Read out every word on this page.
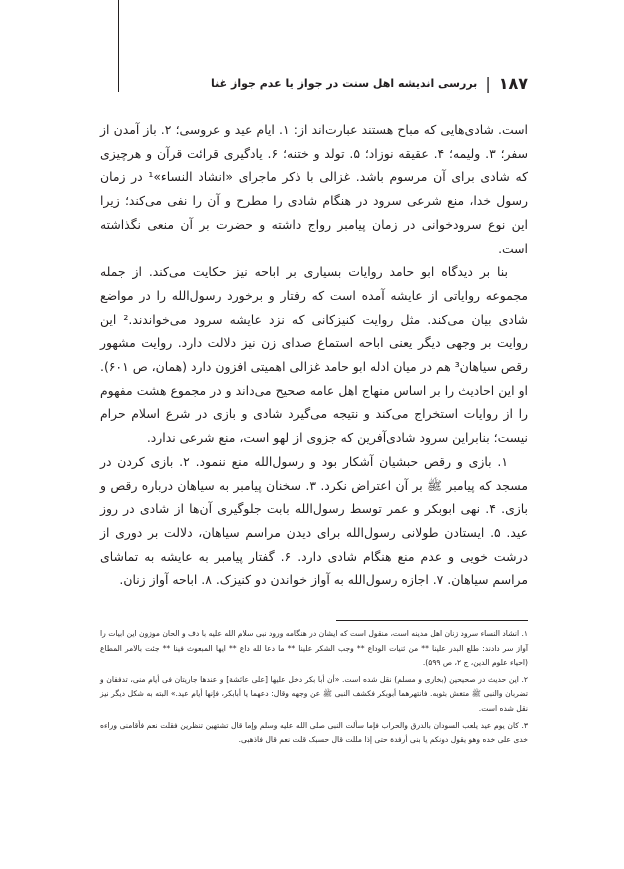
۱۸۷
|
بررسی اندیشه اهل سنت در جواز یا عدم جواز غنا

است. شادی‌هایی که مباح هستند عبارت‌اند از: ۱. ایام عید و عروسی؛ ۲. باز آمدن از سفر؛ ۳. ولیمه؛ ۴. عقیقه نوزاد؛ ۵. تولد و ختنه؛ ۶. یادگیری قرائت قرآن و هرچیزی که شادی برای آن مرسوم باشد. غزالی با ذکر ماجرای «انشاد النساء»¹ در زمان رسول خدا، منع شرعی سرود در هنگام شادی را مطرح و آن را نفی می‌کند؛ زیرا این نوع سرودخوانی در زمان پیامبر رواج داشته و حضرت بر آن منعی نگذاشته است.

بنا بر دیدگاه ابو حامد روایات بسیاری بر اباحه نیز حکایت می‌کند. از جمله مجموعه روایاتی از عایشه آمده است که رفتار و برخورد رسول‌الله را در مواضع شادی بیان می‌کند. مثل روایت کنیزکانی که نزد عایشه سرود می‌خواندند.² این روایت بر وجهی دیگر یعنی اباحه استماع صدای زن نیز دلالت دارد. روایت مشهور رقص سیاهان³ هم در میان ادله ابو حامد غزالی اهمیتی افزون دارد (همان، ص ۶۰۱). او این احادیث را بر اساس منهاج اهل عامه صحیح می‌داند و در مجموع هشت مفهوم را از روایات استخراج می‌کند و نتیجه می‌گیرد شادی و بازی در شرع اسلام حرام نیست؛ بنابراین سرود شادی‌آفرین که جزوی از لهو است، منع شرعی ندارد.

۱. بازی و رقص حبشیان آشکار بود و رسول‌الله منع ننمود. ۲. بازی کردن در مسجد که پیامبر ﷺ بر آن اعتراض نکرد. ۳. سخنان پیامبر به سیاهان درباره رقص و بازی. ۴. نهی ابوبکر و عمر توسط رسول‌الله بابت جلوگیری آن‌ها از شادی در روز عید. ۵. ایستادن طولانی رسول‌الله برای دیدن مراسم سیاهان، دلالت بر دوری از درشت خویی و عدم منع هنگام شادی دارد. ۶. گفتار پیامبر به عایشه به تماشای مراسم سیاهان. ۷. اجازه رسول‌الله به آواز خواندن دو کنیزک. ۸. اباحه آواز زنان.

۱. انشاد النساء سرود زنان اهل مدینه است، منقول است که ایشان در هنگامه ورود نبی سلام الله علیه با دف و الحان موزون این ابیات را آواز سر دادند: طلع البدر علینا ** من ثنیات الوداع ** وجب الشکر علینا ** ما دعا لله داع ** ایها المبعوث فینا ** جئت بالامر المطاع (احیاء علوم الدین، ج ۲، ص ۵۹۹).

۲. این حدیث در صحیحین (بخاری و مسلم) نقل شده است. «أن أبا بکر دخل علیها [علی عائشة] و عندها جاریتان فی أیام منی، تدففان و تضربان والنبی ﷺ متغش بثوبه. فانتهرهما أبوبکر فکشف النبی ﷺ عن وجهه وقال: دعهما یا أبابکر، فإنها أیام عید.» البته به شکل دیگر نیز نقل شده است.

۳. کان یوم عید یلعب السودان بالدرق والحراب فإما سألت النبی صلی الله علیه وسلم وإما قال تشتهین تنظرین فقلت نعم فأقامنی وراءه خدی علی خده وهو یقول دونکم یا بنی أرفدة حتی إذا مللت قال حسبک قلت نعم قال فاذهبی.
